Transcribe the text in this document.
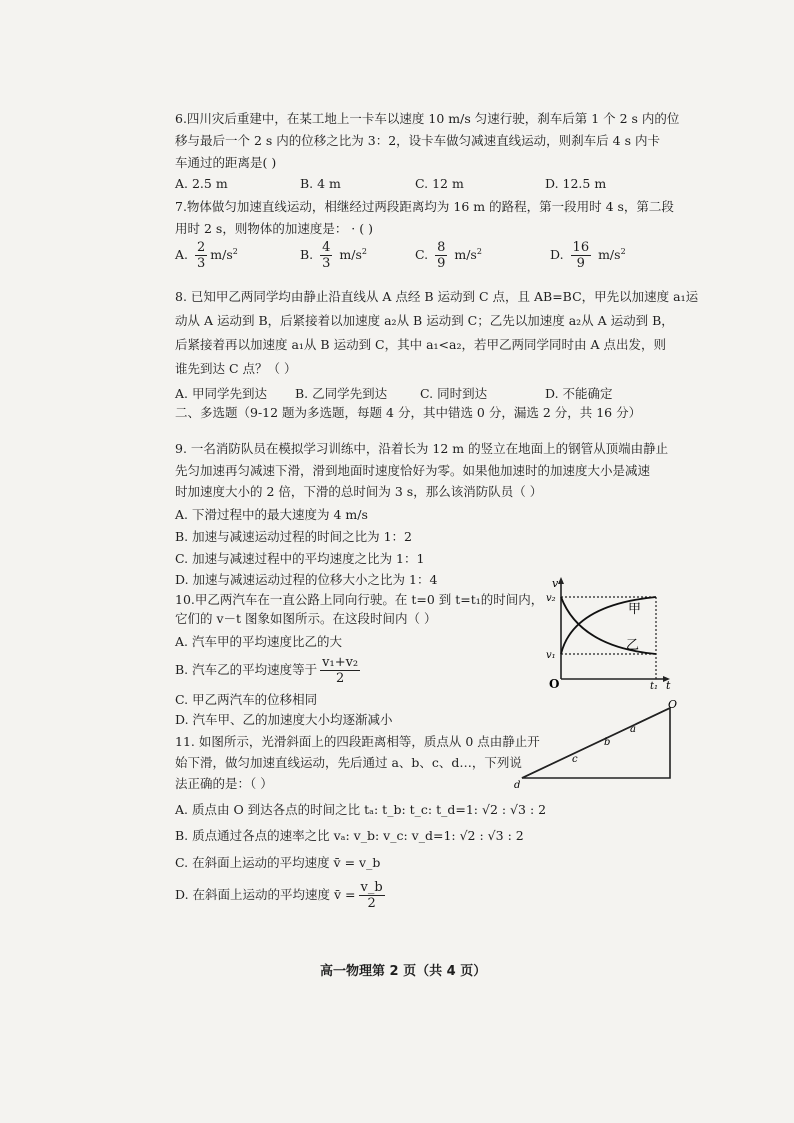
6.四川灾后重建中，在某工地上一卡车以速度 10 m/s 匀速行驶，刹车后第 1 个 2 s 内的位
移与最后一个 2 s 内的位移之比为 3：2，设卡车做匀减速直线运动，则刹车后 4 s 内卡
车通过的距离是( )
A. 2.5 m	B. 4 m	C. 12 m	D. 12.5 m
7.物体做匀加速直线运动，相继经过两段距离均为 16 m 的路程，第一段用时 4 s，第二段
用时 2 s，则物体的加速度是： · ( )
A. $\frac{2}{3} m/s^2$	B. $\frac{4}{3} m/s^2$	C. $\frac{8}{9} m/s^2$	D. $\frac{16}{9} m/s^2$
8. 已知甲乙两同学均由静止沿直线从 A 点经 B 运动到 C 点，且 AB=BC，甲先以加速度 a₁运
动从 A 运动到 B，后紧接着以加速度 a₂从 B 运动到 C；乙先以加速度 a₂从 A 运动到 B，
后紧接着再以加速度 a₁从 B 运动到 C，其中 a₁<a₂，若甲乙两同学同时由 A 点出发，则
谁先到达 C 点？（ ）
A. 甲同学先到达 B. 乙同学先到达	C. 同时到达	D. 不能确定
二、多选题（9-12 题为多选题，每题 4 分，其中错选 0 分，漏选 2 分，共 16 分）
9. 一名消防队员在模拟学习训练中，沿着长为 12 m 的竖立在地面上的钢管从顶端由静止
先匀加速再匀减速下滑，滑到地面时速度恰好为零。如果他加速时的加速度大小是减速
时加速度大小的 2 倍，下滑的总时间为 3 s，那么该消防队员（ ）
A. 下滑过程中的最大速度为 4 m/s
B. 加速与减速运动过程的时间之比为 1：2
C. 加速与减速过程中的平均速度之比为 1：1
D. 加速与减速运动过程的位移大小之比为 1：4
10.甲乙两汽车在一直公路上同向行驶。在 t=0 到 t=t₁的时间内，
它们的 v－t 图象如图所示。在这段时间内（ ）
A. 汽车甲的平均速度比乙的大
B. 汽车乙的平均速度等于 $\frac{\text{v₁+v₂}}{2}$
C. 甲乙两汽车的位移相同
D. 汽车甲、乙的加速度大小均逐渐减小
v
t
O
v₂
v₁
t₁
甲
乙
11. 如图所示，光滑斜面上的四段距离相等，质点从 0 点由静止开
始下滑，做匀加速直线运动，先后通过 a、b、c、d…，下列说
法正确的是：（ ）
A. 质点由 O 到达各点的时间之比 tₐ: t_b: t_c: t_d=1: √2 : √3 : 2
B. 质点通过各点的速率之比 vₐ: v_b: v_c: v_d=1: √2 : √3 : 2
C. 在斜面上运动的平均速度 v̄ = v_b
D. 在斜面上运动的平均速度 v̄ = $\frac{v\_b}{2}$
O
a
b
c
d
高一物理第 2 页（共 4 页）
